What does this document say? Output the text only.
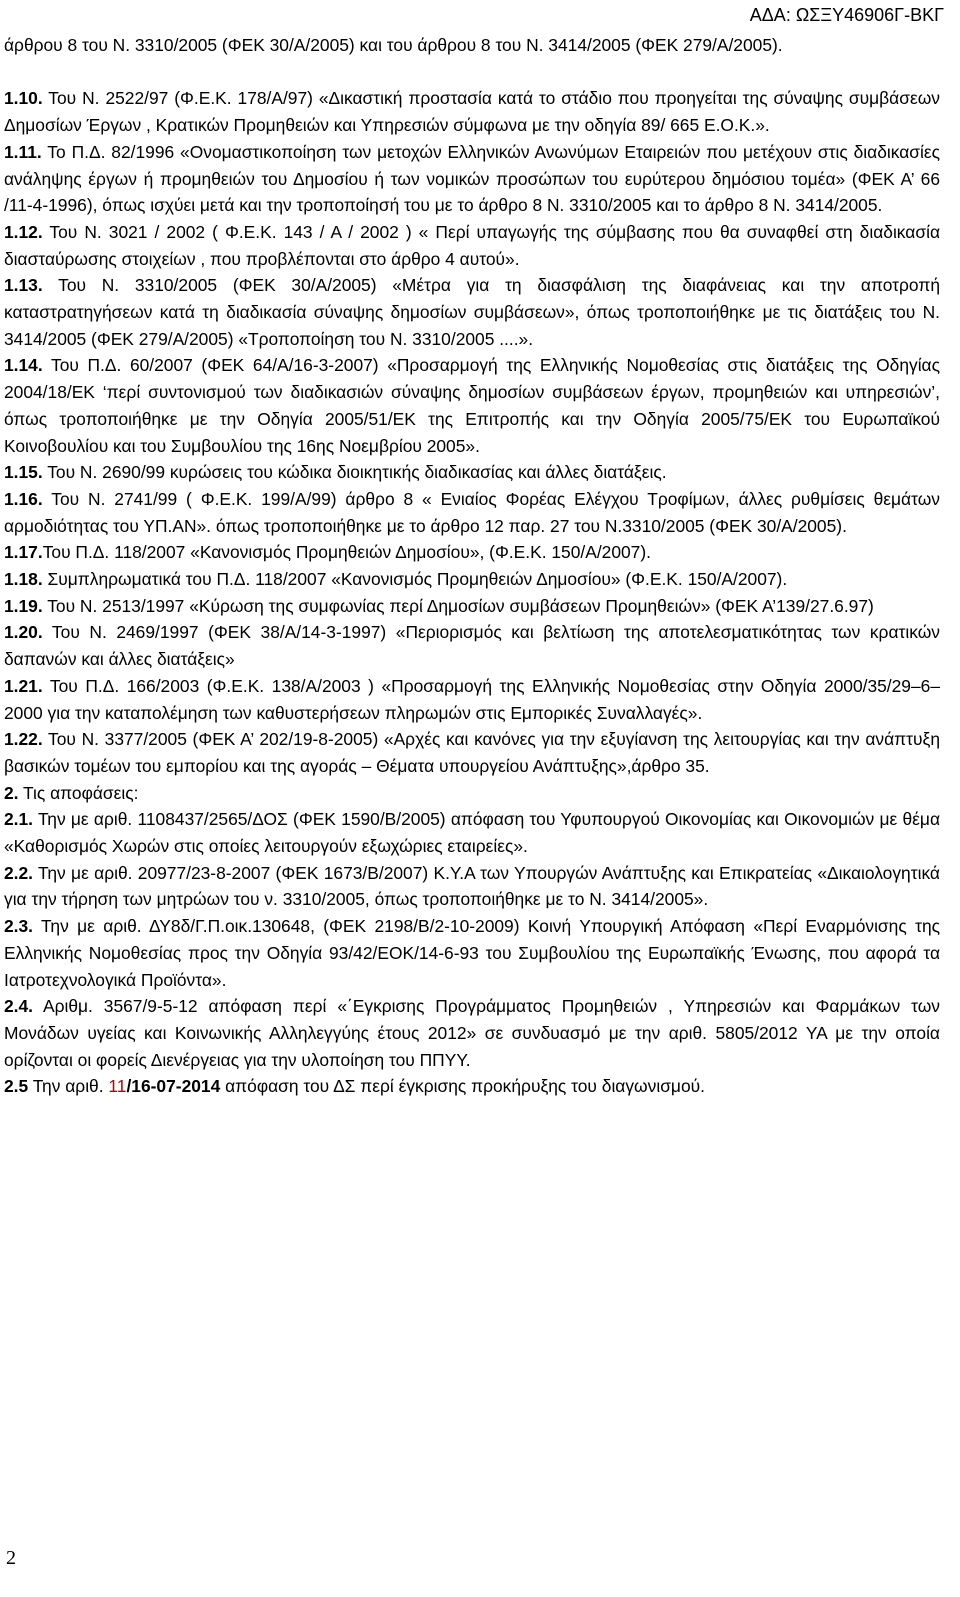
ΑΔΑ: ΩΣΞΥ46906Γ-ΒΚΓ

άρθρου 8 του Ν. 3310/2005 (ΦΕΚ 30/Α/2005) και του άρθρου 8 του Ν. 3414/2005 (ΦΕΚ 279/Α/2005).

1.10. Του Ν. 2522/97 (Φ.Ε.Κ. 178/Α/97) «Δικαστική προστασία κατά το στάδιο που προηγείται της σύναψης συμβάσεων Δημοσίων Έργων , Κρατικών Προμηθειών και Υπηρεσιών σύμφωνα με την οδηγία 89/ 665 Ε.Ο.Κ.».

1.11. Το Π.Δ. 82/1996 «Ονομαστικοποίηση των μετοχών Ελληνικών Ανωνύμων Εταιρειών που μετέχουν στις διαδικασίες ανάληψης έργων ή προμηθειών του Δημοσίου ή των νομικών προσώπων του ευρύτερου δημόσιου τομέα» (ΦΕΚ Α’ 66 /11-4-1996), όπως ισχύει μετά και την τροποποίησή του με το άρθρο 8 Ν. 3310/2005 και το άρθρο 8 Ν. 3414/2005.

1.12. Του Ν. 3021 / 2002 ( Φ.Ε.Κ. 143 / Α / 2002 ) « Περί υπαγωγής της σύμβασης που θα συναφθεί στη διαδικασία διασταύρωσης στοιχείων , που προβλέπονται στο άρθρο 4 αυτού».

1.13. Του Ν. 3310/2005 (ΦΕΚ 30/Α/2005) «Μέτρα για τη διασφάλιση της διαφάνειας και την αποτροπή καταστρατηγήσεων κατά τη διαδικασία σύναψης δημοσίων συμβάσεων», όπως τροποποιήθηκε με τις διατάξεις του Ν. 3414/2005 (ΦΕΚ 279/Α/2005) «Τροποποίηση του Ν. 3310/2005 ....».

1.14. Του Π.Δ. 60/2007 (ΦΕΚ 64/Α/16-3-2007) «Προσαρμογή της Ελληνικής Νομοθεσίας στις διατάξεις της Οδηγίας 2004/18/ΕΚ ‘περί συντονισμού των διαδικασιών σύναψης δημοσίων συμβάσεων έργων, προμηθειών και υπηρεσιών’, όπως τροποποιήθηκε με την Οδηγία 2005/51/ΕΚ της Επιτροπής και την Οδηγία 2005/75/ΕΚ του Ευρωπαϊκού Κοινοβουλίου και του Συμβουλίου της 16ης Νοεμβρίου 2005».

1.15. Του Ν. 2690/99 κυρώσεις του κώδικα διοικητικής διαδικασίας και άλλες διατάξεις.

1.16. Του Ν. 2741/99 ( Φ.Ε.Κ. 199/Α/99) άρθρο 8 « Ενιαίος Φορέας Ελέγχου Τροφίμων, άλλες ρυθμίσεις θεμάτων αρμοδιότητας του ΥΠ.ΑΝ». όπως τροποποιήθηκε με το άρθρο 12 παρ. 27 του Ν.3310/2005 (ΦΕΚ 30/Α/2005).

1.17.Του Π.Δ. 118/2007 «Κανονισμός Προμηθειών Δημοσίου», (Φ.Ε.Κ. 150/Α/2007).

1.18. Συμπληρωματικά του Π.Δ. 118/2007 «Κανονισμός Προμηθειών Δημοσίου» (Φ.Ε.Κ. 150/Α/2007).

1.19. Του Ν. 2513/1997 «Κύρωση της συμφωνίας περί Δημοσίων συμβάσεων Προμηθειών» (ΦΕΚ Α’139/27.6.97)

1.20. Του Ν. 2469/1997 (ΦΕΚ 38/Α/14-3-1997) «Περιορισμός και βελτίωση της αποτελεσματικότητας των κρατικών δαπανών και άλλες διατάξεις»

1.21. Του Π.Δ. 166/2003 (Φ.Ε.Κ. 138/Α/2003 ) «Προσαρμογή της Ελληνικής Νομοθεσίας στην Οδηγία 2000/35/29–6–2000 για την καταπολέμηση των καθυστερήσεων πληρωμών στις Εμπορικές Συναλλαγές».

1.22. Του Ν. 3377/2005 (ΦΕΚ Α’ 202/19-8-2005) «Αρχές και κανόνες για την εξυγίανση της λειτουργίας και την ανάπτυξη βασικών τομέων του εμπορίου και της αγοράς – Θέματα υπουργείου Ανάπτυξης»,άρθρο 35.

2. Τις αποφάσεις:

2.1. Την με αριθ. 1108437/2565/ΔΟΣ (ΦΕΚ 1590/Β/2005) απόφαση του Υφυπουργού Οικονομίας και Οικονομιών με θέμα «Καθορισμός Χωρών στις οποίες λειτουργούν εξωχώριες εταιρείες».

2.2. Την με αριθ. 20977/23-8-2007 (ΦΕΚ 1673/Β/2007) Κ.Υ.Α των Υπουργών Ανάπτυξης και Επικρατείας «Δικαιολογητικά για την τήρηση των μητρώων του ν. 3310/2005, όπως τροποποιήθηκε με το Ν. 3414/2005».

2.3. Την με αριθ. ΔΥ8δ/Γ.Π.οικ.130648, (ΦΕΚ 2198/Β/2-10-2009) Κοινή Υπουργική Απόφαση «Περί Εναρμόνισης της Ελληνικής Νομοθεσίας προς την Οδηγία 93/42/ΕΟΚ/14-6-93 του Συμβουλίου της Ευρωπαϊκής Ένωσης, που αφορά τα Ιατροτεχνολογικά Προϊόντα».

2.4. Αριθμ. 3567/9-5-12 απόφαση περί «΄Εγκρισης Προγράμματος Προμηθειών , Υπηρεσιών και Φαρμάκων των Μονάδων υγείας και Κοινωνικής Αλληλεγγύης έτους 2012» σε συνδυασμό με την αριθ. 5805/2012 ΥΑ με την οποία ορίζονται οι φορείς Διενέργειας για την υλοποίηση του ΠΠΥΥ.

2.5 Την αριθ. 11/16-07-2014 απόφαση του ΔΣ περί έγκρισης προκήρυξης του διαγωνισμού.

2
